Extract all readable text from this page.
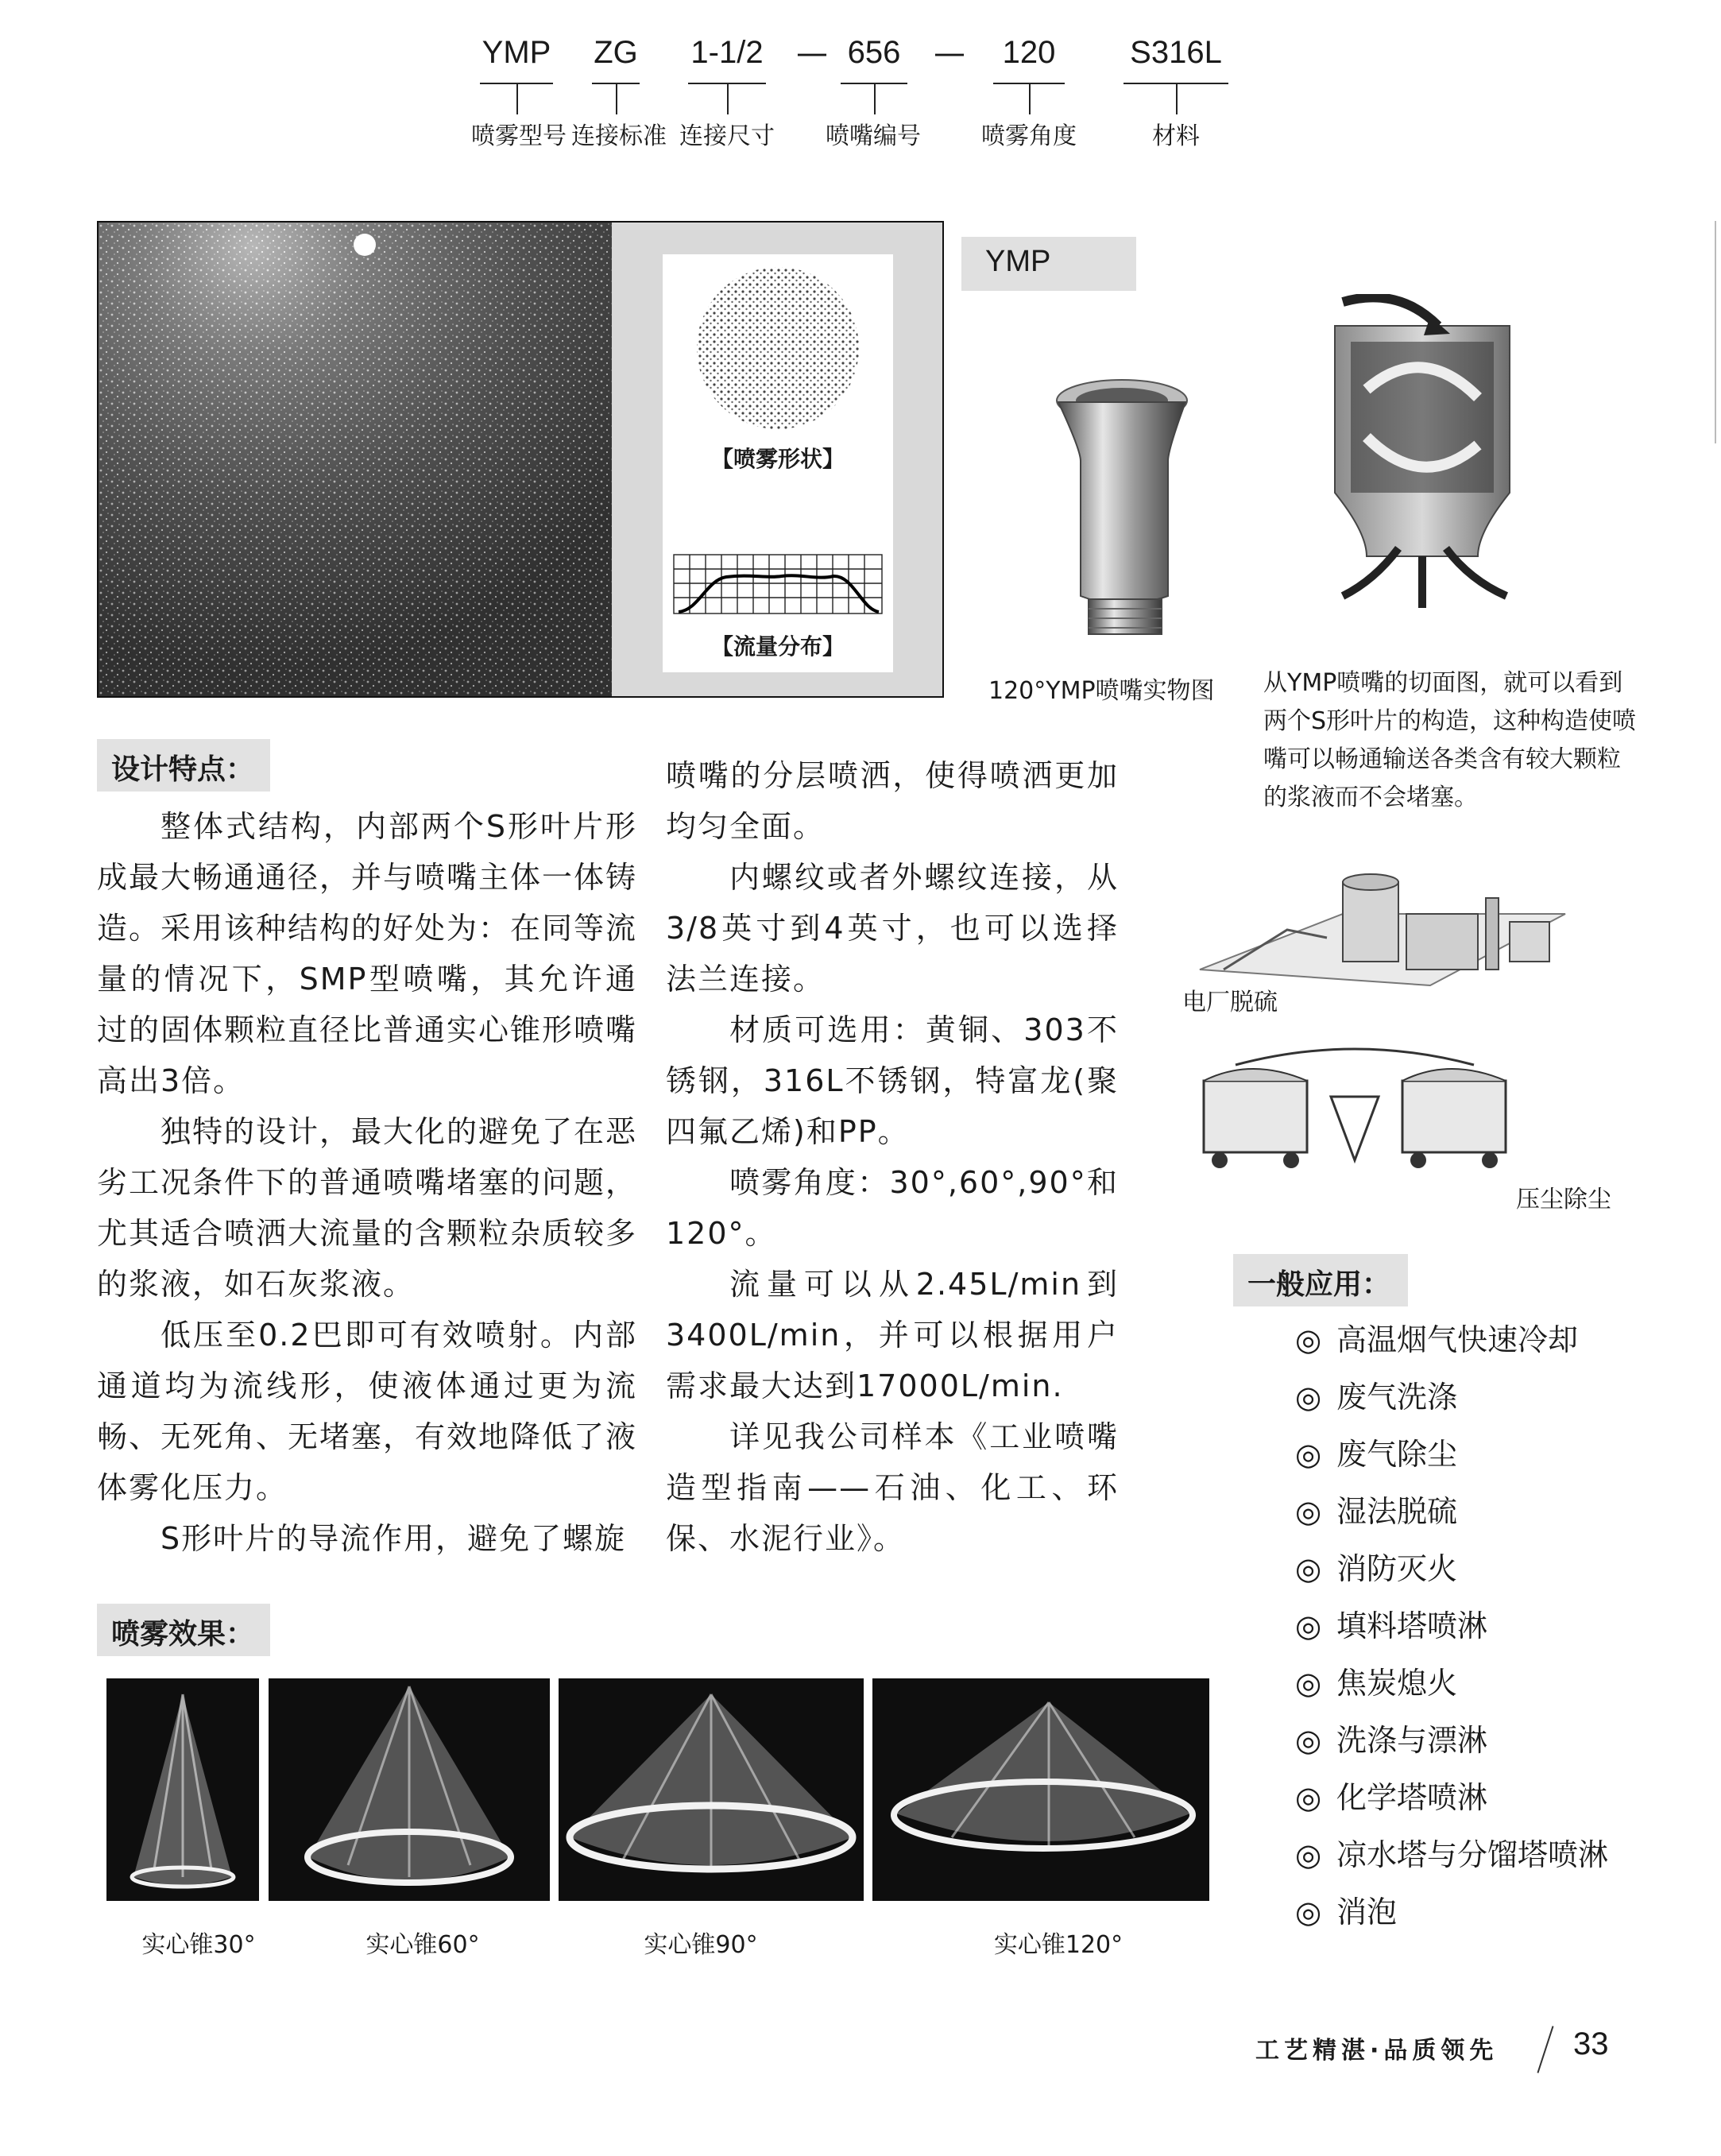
YMP	ZG	1-1/2 — 656	—	120	S316L
喷雾型号 连接标准 连接尺寸 喷嘴编号	喷雾角度	材料
【喷雾形状】
【流量分布】
YMP
120°YMP喷嘴实物图 从YMP喷嘴的切面图，就可以看到两个S形叶片的构造，这种构造使喷嘴可以畅通输送各类含有较大颗粒的浆液而不会堵塞。
电厂脱硫
压尘除尘
设计特点：

整体式结构，内部两个S形叶片形成最大畅通通径，并与喷嘴主体一体铸造。采用该种结构的好处为：在同等流量的情况下，SMP型喷嘴，其允许通过的固体颗粒直径比普通实心锥形喷嘴高出3倍。

独特的设计，最大化的避免了在恶劣工况条件下的普通喷嘴堵塞的问题，尤其适合喷洒大流量的含颗粒杂质较多的浆液，如石灰浆液。

低压至0.2巴即可有效喷射。内部通道均为流线形，使液体通过更为流畅、无死角、无堵塞，有效地降低了液体雾化压力。

S形叶片的导流作用，避免了螺旋

喷嘴的分层喷洒，使得喷洒更加均匀全面。

内螺纹或者外螺纹连接，从3/8英寸到4英寸，也可以选择法兰连接。

材质可选用：黄铜、303不锈钢，316L不锈钢，特富龙(聚四氟乙烯)和PP。

喷雾角度：30°,60°,90°和120°。

流量可以从2.45L/min到3400L/min，并可以根据用户需求最大达到17000L/min.

详见我公司样本《工业喷嘴造型指南——石油、化工、环保、水泥行业》。

一般应用：
◎ 高温烟气快速冷却
◎ 废气洗涤
◎ 废气除尘
◎ 湿法脱硫
◎ 消防灭火
◎ 填料塔喷淋
◎ 焦炭熄火
◎ 洗涤与漂淋
◎ 化学塔喷淋
◎ 凉水塔与分馏塔喷淋
◎ 消泡
喷雾效果：
实心锥30°	实心锥60°	实心锥90°	实心锥120°
工艺精湛·品质领先 33
